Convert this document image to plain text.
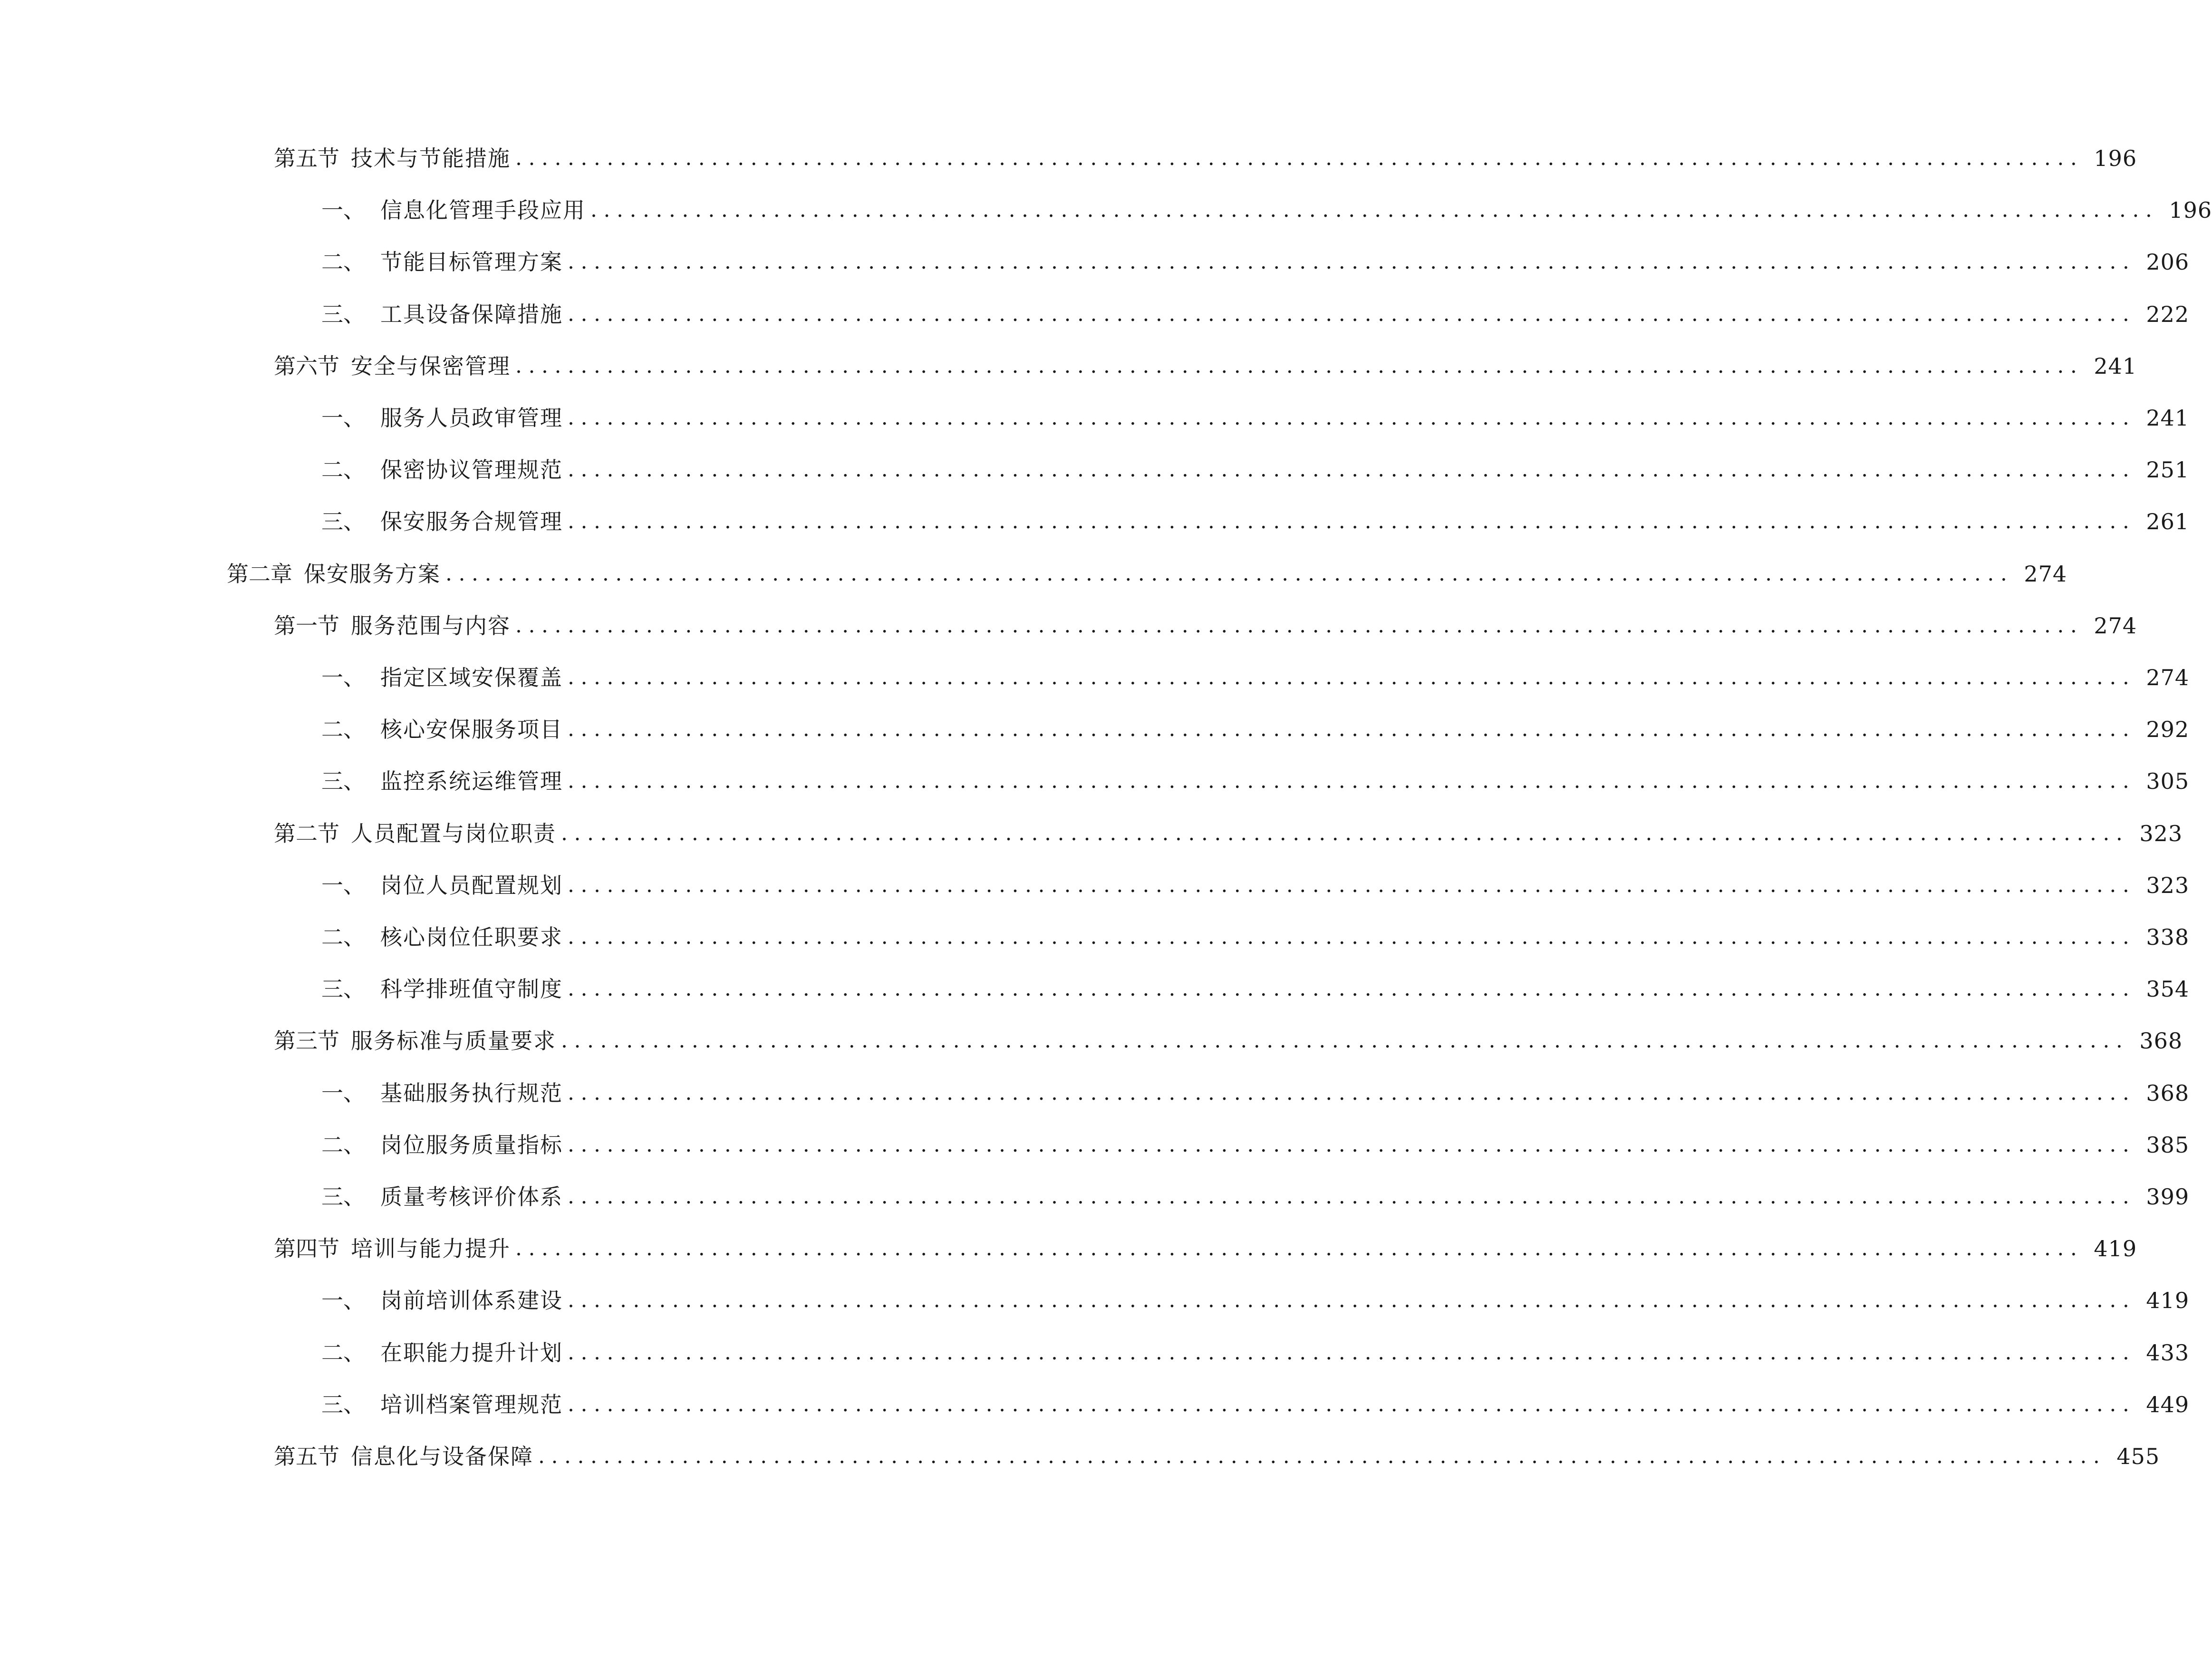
第五节 技术与节能措施 ........................................................................................................................ 196
一、 信息化管理手段应用 ........................................................................................................................ 196
二、 节能目标管理方案 ........................................................................................................................ 206
三、 工具设备保障措施 ........................................................................................................................ 222
第六节 安全与保密管理 ........................................................................................................................ 241
一、 服务人员政审管理 ........................................................................................................................ 241
二、 保密协议管理规范 ........................................................................................................................ 251
三、 保安服务合规管理 ........................................................................................................................ 261
第二章 保安服务方案 ........................................................................................................................ 274
第一节 服务范围与内容 ........................................................................................................................ 274
一、 指定区域安保覆盖 ........................................................................................................................ 274
二、 核心安保服务项目 ........................................................................................................................ 292
三、 监控系统运维管理 ........................................................................................................................ 305
第二节 人员配置与岗位职责 ........................................................................................................................ 323
一、 岗位人员配置规划 ........................................................................................................................ 323
二、 核心岗位任职要求 ........................................................................................................................ 338
三、 科学排班值守制度 ........................................................................................................................ 354
第三节 服务标准与质量要求 ........................................................................................................................ 368
一、 基础服务执行规范 ........................................................................................................................ 368
二、 岗位服务质量指标 ........................................................................................................................ 385
三、 质量考核评价体系 ........................................................................................................................ 399
第四节 培训与能力提升 ........................................................................................................................ 419
一、 岗前培训体系建设 ........................................................................................................................ 419
二、 在职能力提升计划 ........................................................................................................................ 433
三、 培训档案管理规范 ........................................................................................................................ 449
第五节 信息化与设备保障 ........................................................................................................................ 455
